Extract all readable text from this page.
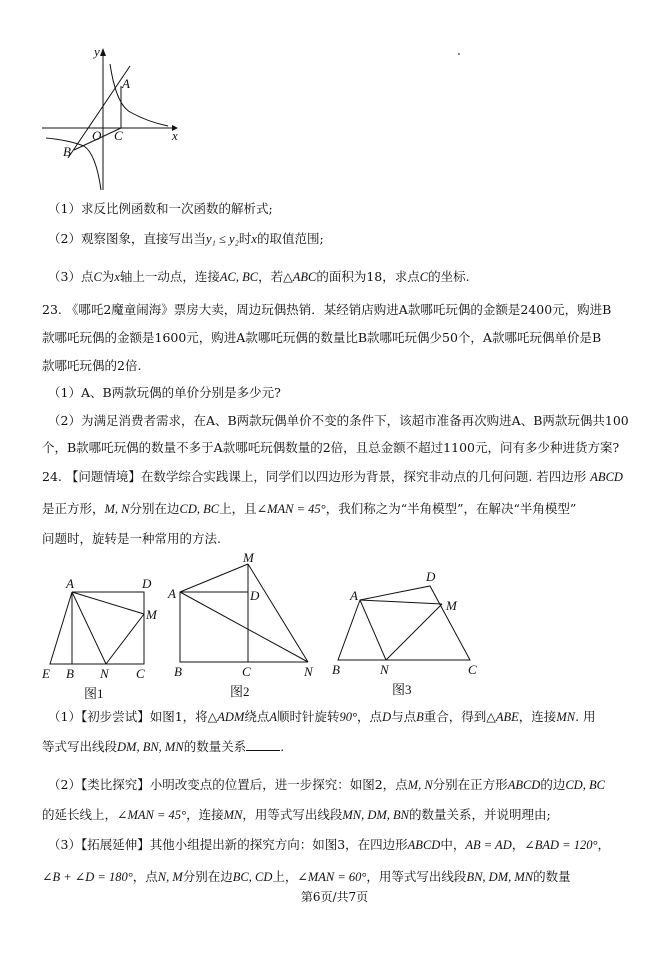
y
x
A
B
C
O
（1）求反比例函数和一次函数的解析式;
（2）观察图象，直接写出当y₁ ≤ y₂时x的取值范围;
（3）点C为x轴上一动点，连接AC, BC，若△ABC的面积为18，求点C的坐标.
23. 《哪吒2魔童闹海》票房大卖，周边玩偶热销．某经销店购进A款哪吒玩偶的金额是2400元，购进B
款哪吒玩偶的金额是1600元，购进A款哪吒玩偶的数量比B款哪吒玩偶少50个，A款哪吒玩偶单价是B
款哪吒玩偶的2倍.
（1）A、B两款玩偶的单价分别是多少元?
（2）为满足消费者需求，在A、B两款玩偶单价不变的条件下，该超市准备再次购进A、B两款玩偶共100
个，B款哪吒玩偶的数量不多于A款哪吒玩偶数量的2倍，且总金额不超过1100元，问有多少种进货方案?
24. 【问题情境】在数学综合实践课上，同学们以四边形为背景，探究非动点的几何问题. 若四边形 ABCD
是正方形，M, N分别在边CD, BC上，且∠MAN = 45°，我们称之为“半角模型”，在解决“半角模型”
问题时，旋转是一种常用的方法.
A	D
M
E B N C
图1
A	D
M
B	C	N
图2
A
D
M
B	N	C
图3
（1）【初步尝试】如图1，将△ADM绕点A顺时针旋转90°，点D与点B重合，得到△ABE，连接MN. 用
等式写出线段DM, BN, MN的数量关系	.
（2）【类比探究】小明改变点的位置后，进一步探究：如图2，点M, N分别在正方形ABCD的边CD, BC
的延长线上，∠MAN = 45°，连接MN，用等式写出线段MN, DM, BN的数量关系，并说明理由;
（3）【拓展延伸】其他小组提出新的探究方向：如图3，在四边形ABCD中，AB = AD，∠BAD = 120°，
∠B + ∠D = 180°，点N, M分别在边BC, CD上，∠MAN = 60°，用等式写出线段BN, DM, MN的数量
第6页/共7页
